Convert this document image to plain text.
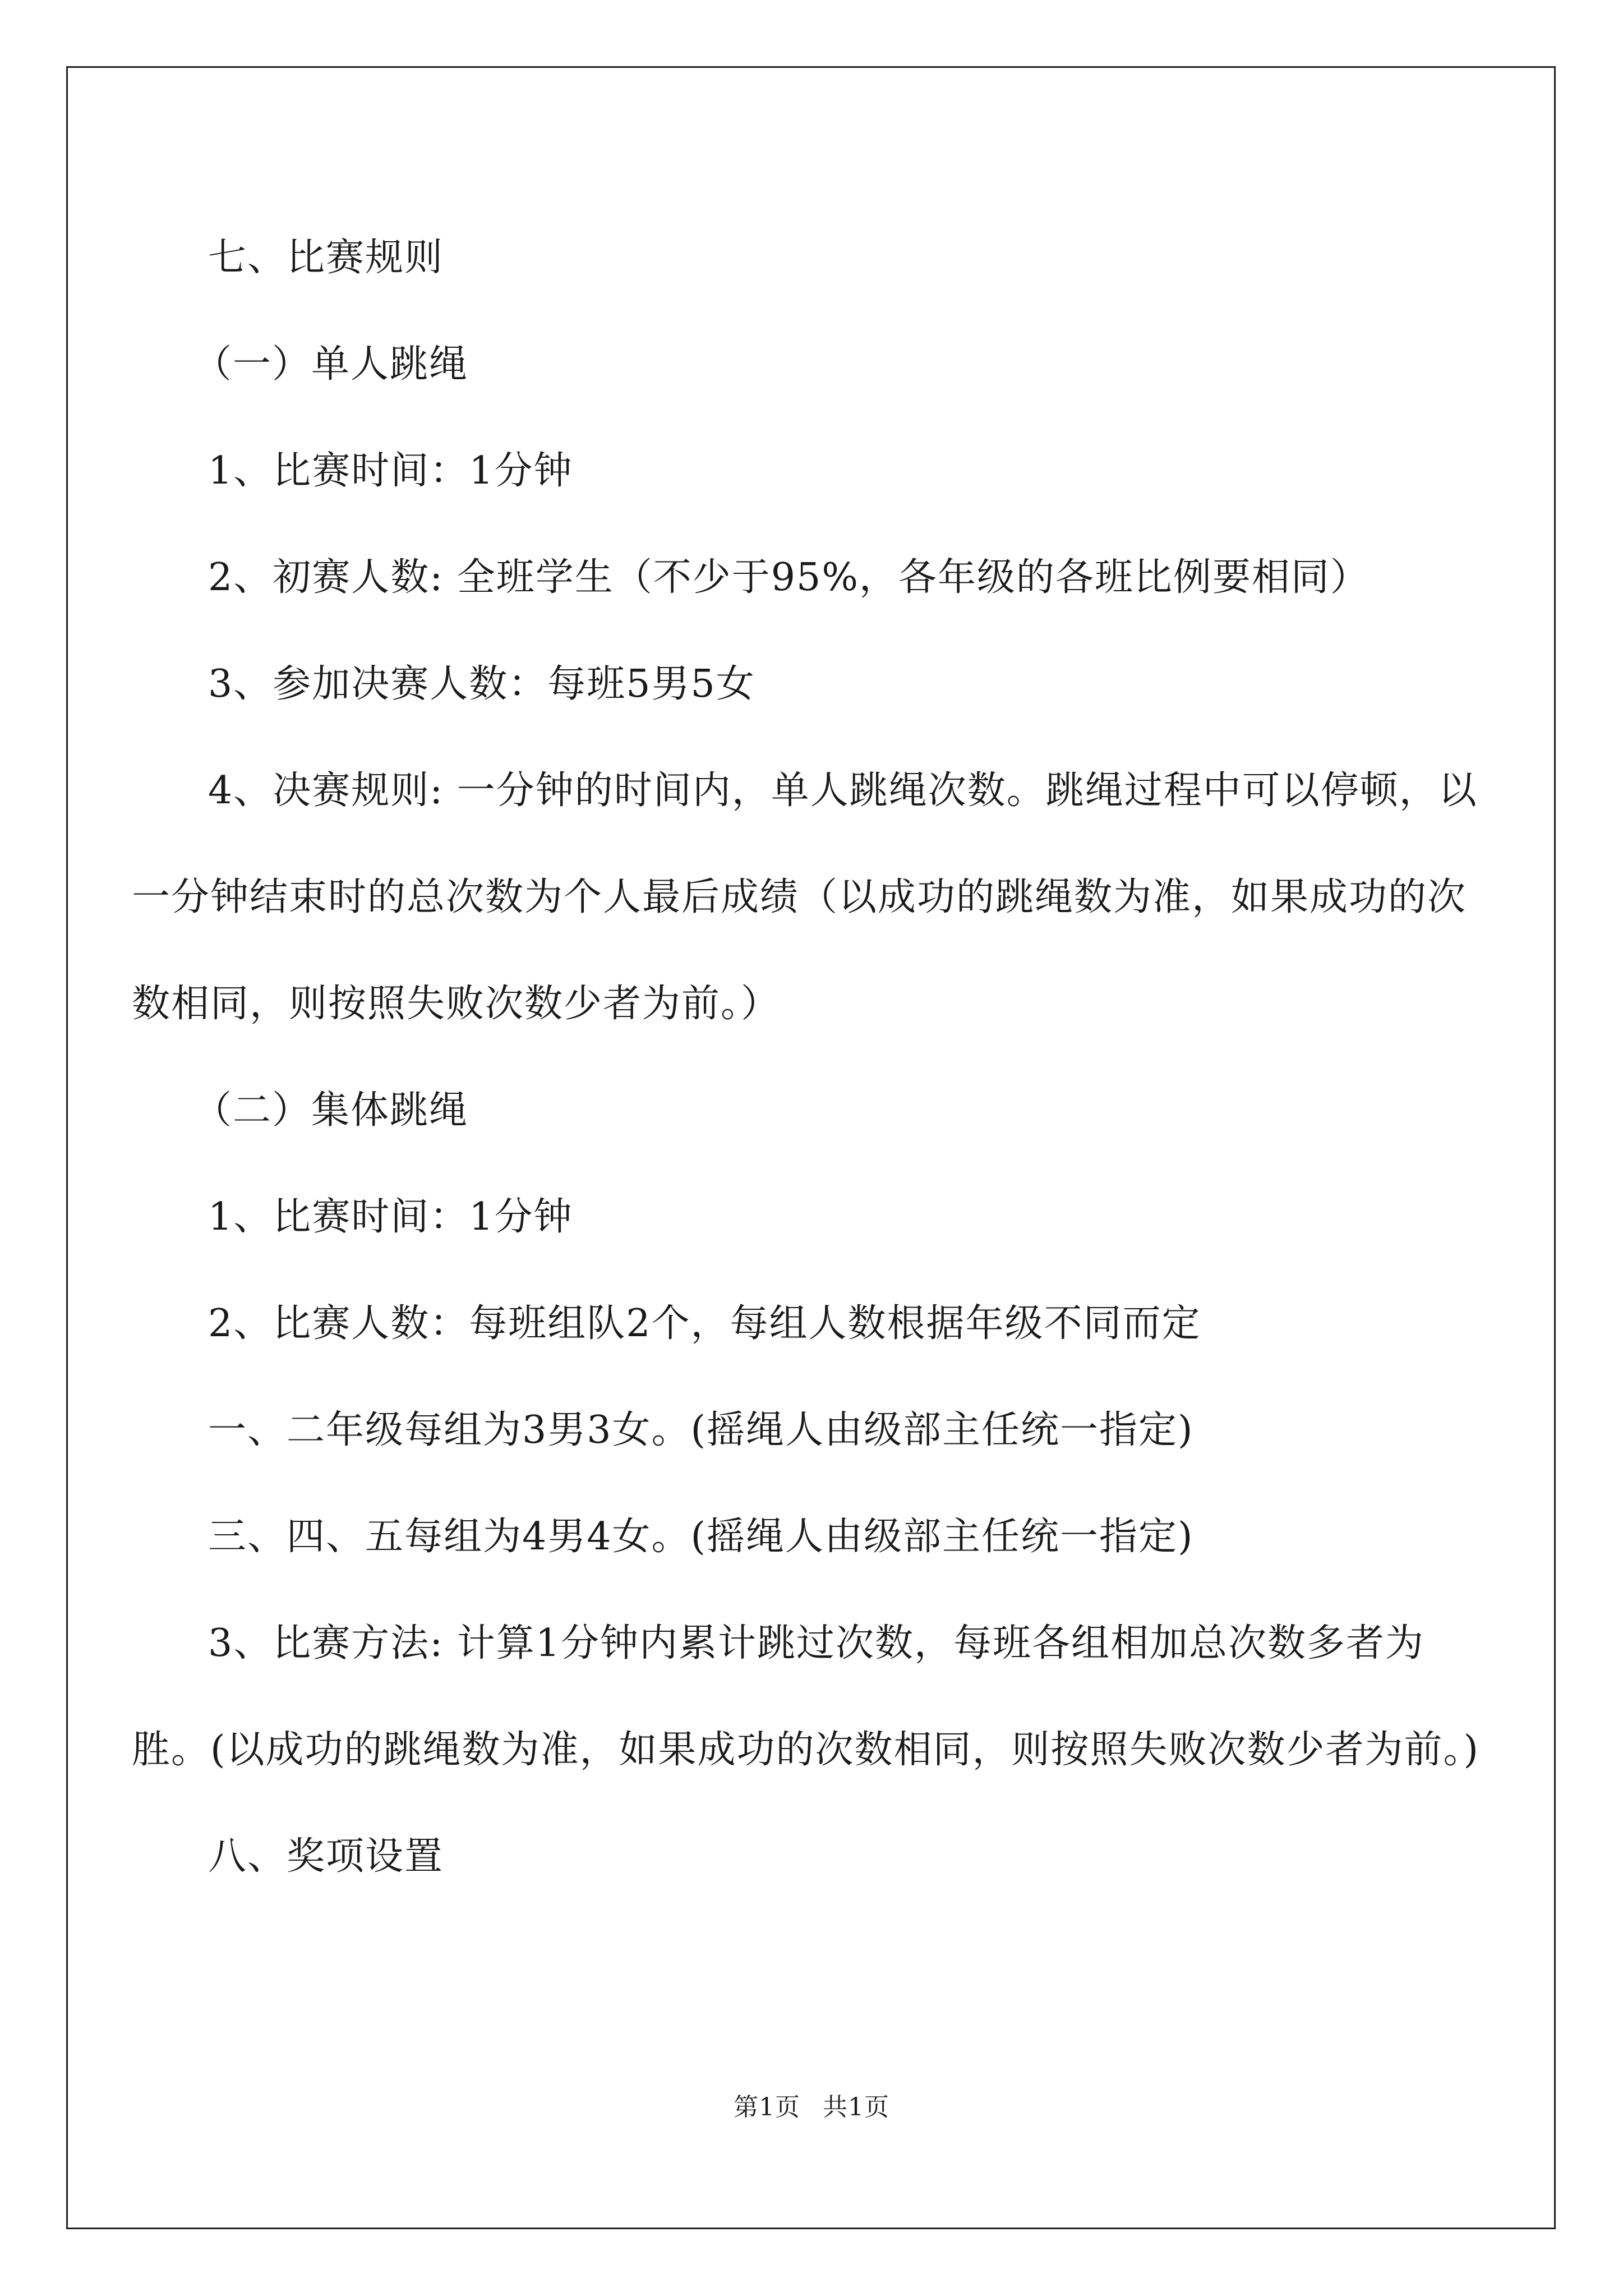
七、比赛规则

（一）单人跳绳

1、比赛时间：1分钟

2、初赛人数: 全班学生（不少于95%，各年级的各班比例要相同）

3、参加决赛人数：每班5男5女

4、决赛规则: 一分钟的时间内，单人跳绳次数。跳绳过程中可以停顿，以一分钟结束时的总次数为个人最后成绩（以成功的跳绳数为准，如果成功的次数相同，则按照失败次数少者为前。）

（二）集体跳绳

1、比赛时间：1分钟

2、比赛人数：每班组队2个，每组人数根据年级不同而定

一、二年级每组为3男3女。(摇绳人由级部主任统一指定)

三、四、五每组为4男4女。(摇绳人由级部主任统一指定)

3、比赛方法: 计算1分钟内累计跳过次数，每班各组相加总次数多者为胜。(以成功的跳绳数为准，如果成功的次数相同，则按照失败次数少者为前。)

八、奖项设置

第1页 共1页
